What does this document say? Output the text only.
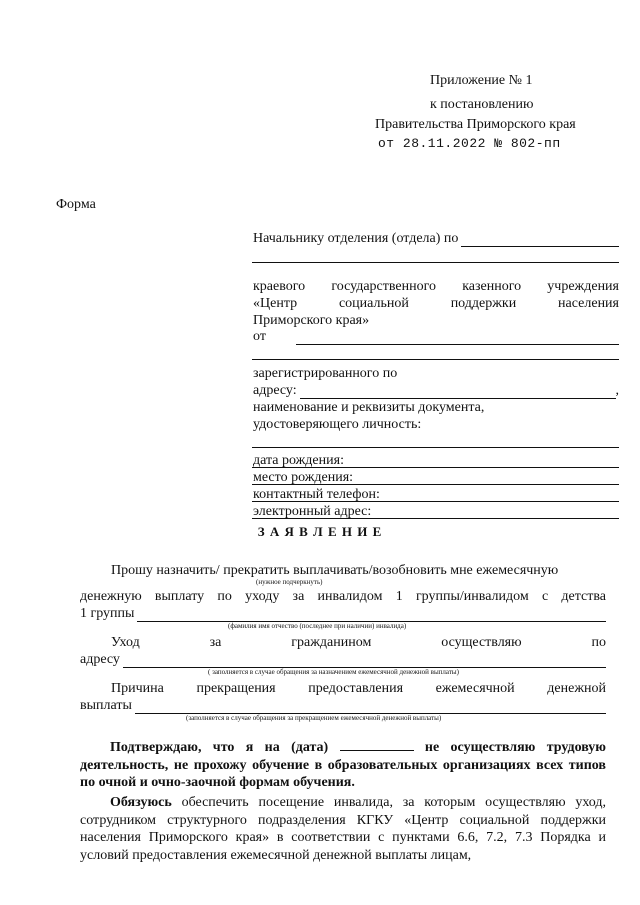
Приложение № 1
к постановлению
Правительства Приморского края
от 28.11.2022 № 802-пп
Форма
Начальнику отделения (отдела) по
краевого государственного казенного учреждения
«Центр социальной поддержки населения
Приморского края»
от
зарегистрированного по
адресу:	,
наименование и реквизиты документа,
удостоверяющего личность:
дата рождения:
место рождения:
контактный телефон:
электронный адрес:
З А Я В Л Е Н И Е
Прошу назначить/ прекратить выплачивать/возобновить мне ежемесячную
(нужное подчеркнуть)
денежную выплату по уходу за инвалидом 1 группы/инвалидом с детства
1 группы
(фамилия имя отчество (последнее при наличии) инвалида)
Уход за гражданином осуществляю по
адресу
( заполняется в случае обращения за назначением ежемесячной денежной выплаты)
Причина прекращения предоставления ежемесячной денежной
выплаты
(заполняется в случае обращения за прекращением ежемесячной денежной выплаты)
Подтверждаю, что я на (дата)	не осуществляю трудовую деятельность, не прохожу обучение в образовательных организациях всех типов по очной и очно-заочной формам обучения.
Обязуюсь обеспечить посещение инвалида, за которым осуществляю уход, сотрудником структурного подразделения КГКУ «Центр социальной поддержки населения Приморского края» в соответствии с пунктами 6.6, 7.2, 7.3 Порядка и условий предоставления ежемесячной денежной выплаты лицам,
